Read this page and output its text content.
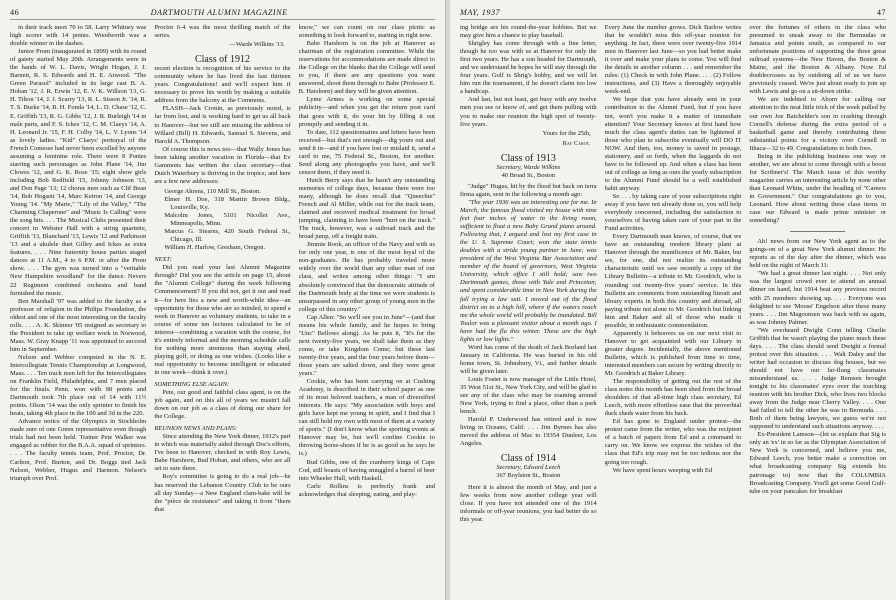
46	DARTMOUTH ALUMNI MAGAZINE

in their track meet 70 to 58. Larry Whitney was high scorer with 14 points. Woodworth was a double winner in the dashes.

Junior Prom (inaugurated in 1899) with its round of gaiety started May 20th. Arrangements were in the hands of W. L. Davis, Wright Hogan, J. J. Barnett, R. S. Edwards and H. E. Atwood. "The Green Parasol" included in its large cast B. A. Hoban '12, J. R. Erwin '12, E. V. K. Willson '13, G. H. Tilton '14, J. J. Scarry '13, R. L. Sisson Jr. '14, R. T. S. Burke '14, B. H. Fonda '14, L. D. Chase '12, C. E. Griffith '13, R. G. Gibbs '12, J. R. Burleigh '14 in male parts, and F. S. Ickes '12, C. M. Claeys '14, A. H. Leonard Jr. '15, F. H. Colby '14, L. V. Lyons '14 as lovely ladies. "Kid" Claeys' portrayal of the French Comesse had never been excelled by anyone assuming a feminine role. There were 8 Ponies starring such personages as John Plane '14, Jim Clowes '12, and G. K. Rose '15; eight show girls including Bob Redfield '15, Johnny Johnson '13, and Don Page '13; 12 chorus men such as Clif Bean '14, Bob Hogsett '14, Marc Ketron '14, and George Young '14. "My Marie," "Lily of the Valley," "The Charming Chaperone" and "Music Is Calling" were the song hits. . . . The Musical Clubs presented their concert in Webster Hall with a string quartette, Griffith '13, Blanchard '13, Lewis '12 and Parkinson '13 and a ukulele duet Gilley and Ickes as extra features. . . . Nine fraternity house parties staged dances at 11 A.M., 4 to 6 P.M. or after the Prom show. . . . The gym was turned into a "veritable New Hampshire woodland" for the dance. Nevers 22 Regiment combined orchestra and band furnished the music.

Ben Marshall '97 was added to the faculty as a professor of religion in the Philips Foundation, the oldest and one of the most interesting on the faculty rolls. . . . A. K. Skinner '05 resigned as secretary to the President to take up welfare work in Norwood, Mass. W. Gray Knapp '11 was appointed to succeed him in September.

Nelson and Webber competed in the N. E. Intercollegiate Tennis Championship at Longwood, Mass. . . . Ten track men left for the Intercollegiates on Franklin Field, Philadelphia, and 7 men placed for the finals. Penn. won with 98 points and Dartmouth took 7th place out of 14 with 11½ points. Olson '14 was the only sprinter to finish his heats, taking 4th place in the 100 and 3d in the 220.

Advance notice of the Olympics in Stockholm made sure of one Green representative even though trials had not been held. Trainer Pete Walker was engaged as rubber for the B.A.A. squad of sprinters. . . . The faculty tennis team, Prof. Proctor, Dr. Carlton, Prof. Burton, and Dr. Boggs tied Jack Nelson, Webber, Hugus and Harmon. Nelson's triumph over Prof.

Proctor 6-4 was the most thrilling match of the series.

—Warde Wilkins '13.
Class of 1912

recent election is recognition of his service to the community where he has lived the last thirteen years. Congratulations! and we'll expect him if necessary to prove his worth by making a suitable address from the balcony at the Commons.

FLASH—Jack Cronin, as previously noted, is far from lost, and is working hard to get us all back to Hanover—but we still are missing the address of Willard (Bill) H. Edwards, Samuel S. Stevens, and Harold A. Thompson.

Of course this is news too—that Wally Jones has been taking another vacation in Florida—that Ev Gammons has written the class secretary—that Dutch Waterbury is thriving in the tropics; and here are a few new addresses:

George Ahrens, 110 Mill St., Boston.
Elmer H. Doe, 318 Martin Brown Bldg., Louisville, Ky.
Malcolm Jones, 5101 Nicollet Ave., Minneapolis, Minn.
Marcus G. Stearns, 420 South Federal St., Chicago, Ill.
William H. Harlow, Gresham, Oregon.
NEXT:

Did you read your last Alumni Magazine through? Did you see the article on page 15, about the "Alumni College" during the week following Commencement? If you did not, get it out and read it—for here lies a new and worth-while idea—an opportunity for those who are so minded, to spend a week in Hanover as voluntary students, to take in a course of some ten lectures calculated to be of interest—combining a vacation with the course, for it's entirely informal and the morning schedule calls for nothing more strenuous than staying abed, playing golf, or doing as one wishes. (Looks like a real opportunity to become intelligent or educated in one week—think it over.)

SOMETHING ELSE AGAIN:

Pete, our good and faithful class agent, is on the job again, and on this all of years we mustn't fall down on our job as a class of doing our share for the College.

REUNION NEWS AND PLANS:

Since attending the New York dinner, 1912's part in which was materially aided through Doc's efforts, I've been to Hanover, checked in with Roy Lewis, Babe Harshorn, Bud Hoban, and others, who are all set to sure there.

Roy's committee is going to do a real job—he has reserved the Lebanon Country Club to be ours all day Sunday—a New England clam-bake will be the "pièce de resistance" and taking it from "them that

know," we can count on our class picnic as something to look forward to, starting in right now.

Babe Harshorn is on the job at Hanover as chairman of the registration committee. While the reservations for accommodations are made direct to the College on the blanks that the College will send to you, if there are any questions you want answered, shoot them through to Babe (Professor E. B. Harshorn) and they will be given attention.

Lyme Armes is working on some special publicity—and when you get the return post card that goes with it, do your bit by filling it out promptly and sending it in.

To date, 112 questionnaires and letters have been received—but that's not enough—dig yours out and send it in—and if you have lost or mislaid it, send a card to me, 75 Federal St., Boston, for another. Send along any photographs you have, and we'll censor them, if they need it.

Hutch Berry says that he hasn't any outstanding memories of college days, because there were too many, although he does recall that "Queechie" French and Al Miller, while out for the track team, claimed and received medical treatment for broad jumping, claiming to have been "hurt on the track." The track, however, was a railroad track and the broad jump, off a freight train.

Jimmie Rook, an officer of the Navy and with us for only one year, is one of the most loyal of the non-graduates. He has probably traveled more widely over the world than any other man of our class, and writes among other things: "I am absolutely convinced that the democratic attitude of the Dartmouth body at the time we were students is unsurpassed in any other group of young men in the college of this country."

Cap Allen: "So we'll see you in June"—(and that means his whole family, and he hopes to bring "Unc" Bellows along). As he puts it, "It's for the next twenty-five years, we shall take them as they come, or take Kingdom Come; but these last twenty-five years, and the four years before them—those years are salted down, and they were great years."

Cookie, who has been carrying on at Cushing Academy, is described in their school paper as one of its most beloved teachers, a man of diversified interests. He says: "My association with boys and girls have kept me young in spirit, and I find that I can still hold my own with most of them at a variety of sports." (I don't know what the sporting events at Hanover may be, but we'll confine Cookie to throwing horse-shoes if he is as good as he says he is.)

Rud Gibbs, one of the cranberry kings of Cape Cod, still boasts of having smuggled a barrel of beer into Wheeler Hall, with Haskell.

Carle Rollins is perfectly frank and acknowledges that sleeping, eating, and play-

MAY, 1937	47

ing bridge are his round-the-year hobbies. But we may give him a chance to play baseball.

Shrigley has come through with a fine letter, though he too was with us at Hanover for only the first two years. He has a son headed for Dartmouth, and we understand he hopes he will stay through the four years. Golf is Shrig's hobby, and we will let him run the tournament, if he doesn't claim too low a handicap.

And last, but not least, get busy with any twelve men you see or know of, and get them pulling with you to make our reunion the high spot of twenty-five years.

Yours for the 25th,
Ray Cabot.
Class of 1913
Secretary, Warde Wilkins
40 Broad St., Boston

"Judge" Hugus, hit by the flood but back on terra firma again, sent in the following a month ago:

"The year 1936 was an interesting one for me. In March, the famous flood visited my house with nine feet four inches of water in the living room, sufficient to float a new Baby Grand piano around. Following that, I argued and lost my first case in the U. S. Supreme Court; won the state tennis doubles with a stride young partner in June; was president of the West Virginia Bar Association and member of the board of governors, West Virginia University, which office I still hold; saw two Dartmouth games, those with Yale and Princeton; and spent considerable time in New York during the fall trying a law suit. I moved out of the flood district on to a high hill, where if the waters reach me the whole world will probably be inundated. Bill Toulor was a pleasant visitor about a month ago. I have had the flu this winter. These are the high lights or low lights."

Word has come of the death of Jack Borland last January in California. He was buried in his old home town, St. Johnsbury, Vt., and further details will be given later.

Louis Foster is now manager of the Little Hotel, 35 West 51st St., New York City, and will be glad to see any of the class who may be roaming around New York, trying to find a place, other than a park bench.

Harold P. Underwood has retired and is now living in Oceano, Calif. . . . Jim Byrnes has also moved the address of Mac to 19354 Dunleer, Los Angeles.

Class of 1914
Secretary, Edward Leech
367 Boylston St., Boston

Here it is almost the month of May, and just a few weeks from now another college year will close. If you have not attended one of the 1914 informals or off-year reunions, you had better do so this year.

Every June the number grows. Dick Barlow writes that he wouldn't miss this off-year reunion for anything. In fact, there were over twenty-five 1914 men in Hanover last June—so you had better make it over and make your plans to come. You will find the details in another column . . . and remember the rules: (1) Check in with John Plane. . . . (2) Follow instructions, and (3) Have a thoroughly enjoyable week-end.

We hope that you have already sent in your contribution to the Alumni Fund, but if you have not, won't you make it a matter of immediate attention? Your Secretary knows at first hand how much the class agent's duties can be lightened if those who plan to subscribe eventually will DO IT NOW. And then, too, money is saved in postage, stationery, and so forth, when the laggards do not have to be followed up. And when a class has been out of college as long as ours the yearly subscription to the Alumni Fund should be a well established habit anyway.

So . . . by taking care of your subscriptions right away if you have not already done so, you will help everybody concerned, including the satisfaction to yourselves of having taken care of your part in the Fund activities.

Every Dartmouth man knows, of course, that we have an outstanding modern library plant at Hanover through the munificence of Mr. Baker, but we, for one, did not realize its outstanding characteristic until we saw recently a copy of the Library Bulletin—a tribute to Mr. Goodrich, who is rounding out twenty-five years' service. In this Bulletin are comments from outstanding literati and library experts in both this country and abroad, all paying tribute not alone to Mr. Goodrich but linking him and Baker and all of those who made it possible, in enthusiastic commendation.

Apparently it behooves us on our next visit to Hanover to get acquainted with our Library in greater degree. Incidentally, the above mentioned Bulletin, which is published from time to time, interested members can secure by writing directly to Mr. Goodrich at Baker Library.

The responsibility of getting out the rest of the class notes this month has been shed from the broad shoulders of that all-time high class secretary, Ed Leech, with more effortless ease that the proverbial duck sheds water from his back.

Ed has gone to England under protest—the protest came from the writer, who was the recipient of a batch of papers from Ed and a command to carry on. We know we express the wishes of the class that Ed's trip may not be too tedious nor the going too rough.

We have spent hours weeping with Ed

over the fortunes of others in the class who presumed to sneak away to the Bermudas or Jamaica and points south, as compared to our unfortunate positions of supporting the three great railroad systems—the New Haven, the Boston & Maine, and the Boston & Albany. Now Ed doublecrosses us by outdoing all of us we have previously cussed. We're just about ready to join up with Lewis and go on a sit-down strike.

We are indebted to Aborn for calling our attention to the neat little trick of the week pulled by our own Joe Batchelder's son in crashing through Cornell's defense during the extra period of a basketball game and thereby contributing three substantial points for a victory over Cornell in Ithaca—32 to 49. Congratulations to both Joes.

Being in the publishing business one way or another, we are about to come through with a boost for Scribner's! The March issue of this worthy magazine carries an interesting article by none other than Leonard White, under the heading of "Careers in Government." Our congratulations go to you, Leonard. How about writing these class items in case our Edward is made prime minister or something?

Ah! news from our New York agent as to the goings-on of a great New York alumni dinner. He reports as of the day after the dinner, which was held on the night of March 11:

"We had a great dinner last night. . . . Not only was the largest crowd ever to attend an annual dinner on hand, but 1914 beat any previous record with 25 members showing up. . . . Everyone was delighted to see 'Moose' Engelson after these many years. . . . Jim Magoonsen was back with us again, as was Johnny Palmer.

"We overheard Dwight Conn telling Charlie Griffith that he wasn't playing the piano much these days. . . . The class should send Dwight a formal protest over this situation. . . . Walt Daley and the writer had occasion to discuss dog houses, but we should not have our far-flung classmates misunderstand us. . . . Judge Remsen brought tonight to his classmates' eyes over the touching reunion with his brother Dick, who lives two blocks away from the Judge near Cherry Valley. . . . One had failed to tell the other he was in Bermuda. . . . Both of them being lawyers, we guess we're not supposed to understand such situations anyway. . . .

Ex-President Lamson—(let us explain that Sig is only an 'ex' in so far as the Olympian Association of New York is concerned, and believe you me, Edward Leech, you better make a correction on what broadcasting company Sig extends his patronage to) now that the COLUMBIA Broadcasting Company. You'll get some Good Gulf-tube on your pancakes for breakfast
